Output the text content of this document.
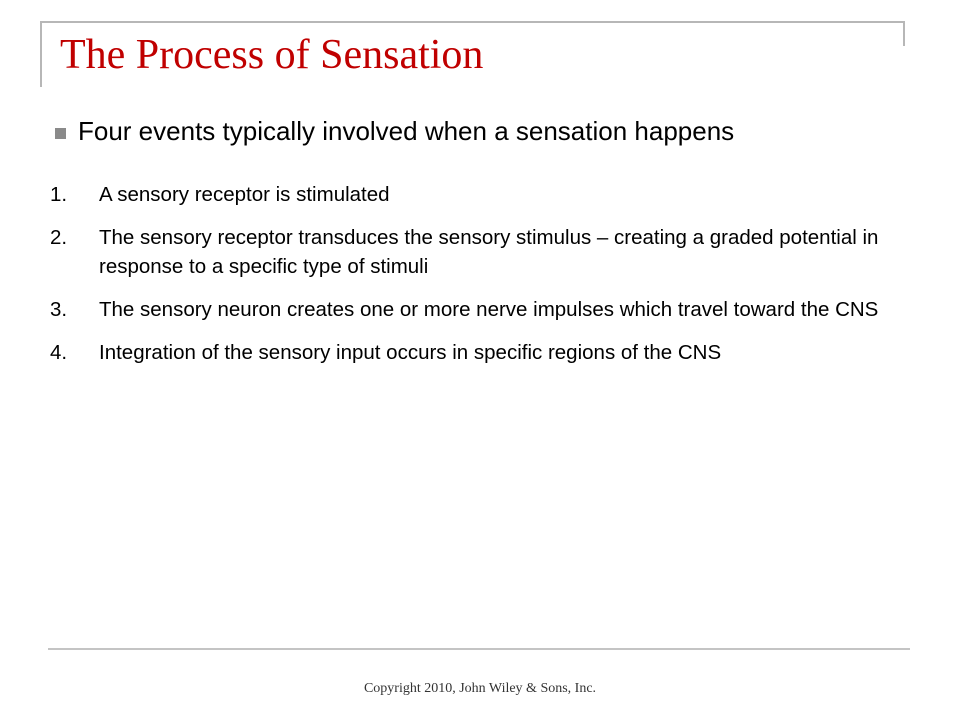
The Process of Sensation
Four events typically involved when a sensation happens
1.	A sensory receptor is stimulated
2.	The sensory receptor transduces the sensory stimulus – creating a graded potential in response to a specific type of stimuli
3.	The sensory neuron creates one or more nerve impulses which travel toward the CNS
4.	Integration of the sensory input occurs in specific regions of the CNS
Copyright 2010, John Wiley & Sons, Inc.
